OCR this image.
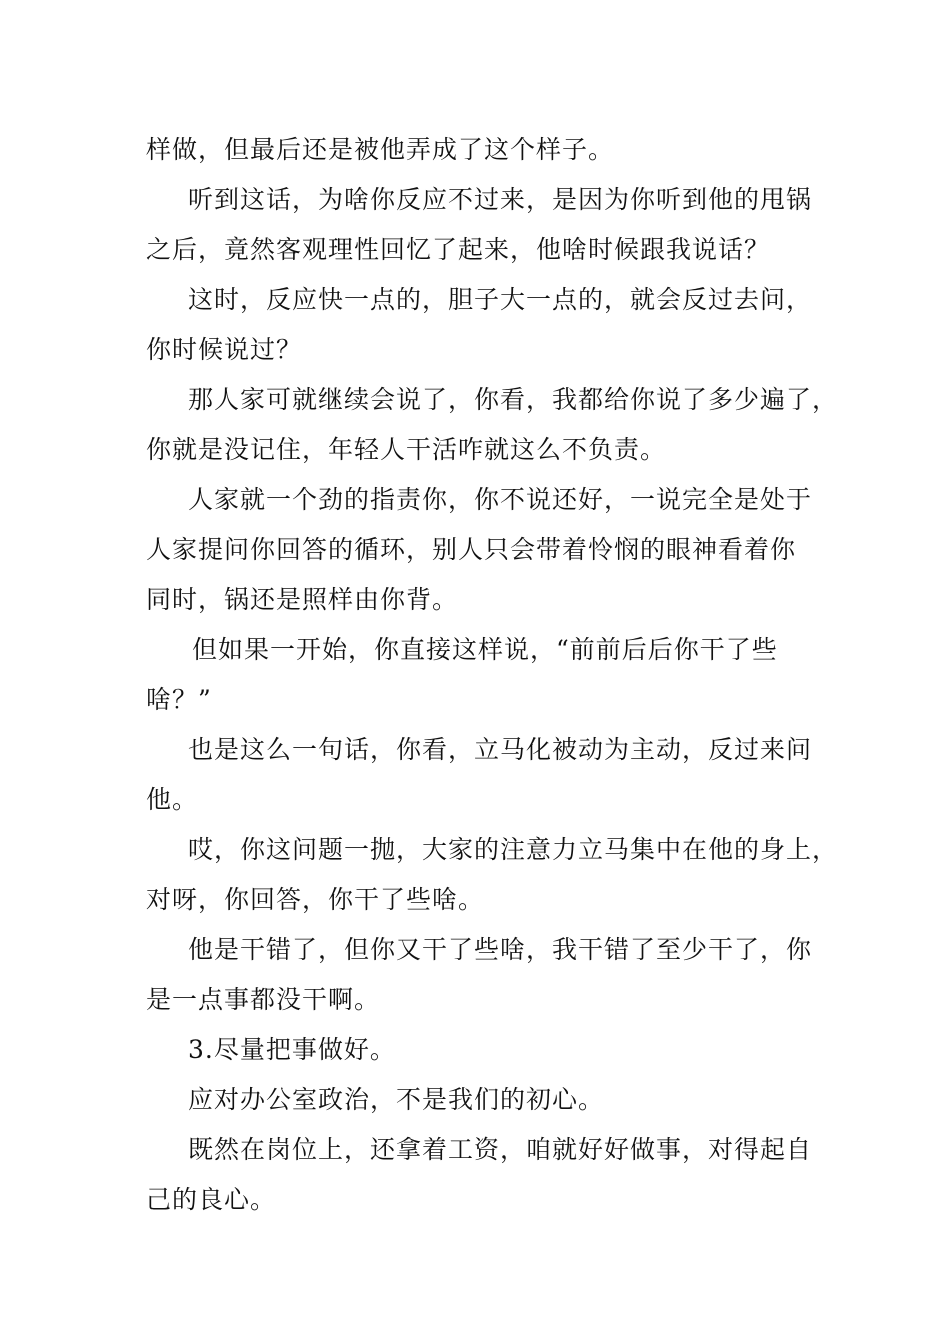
样做，但最后还是被他弄成了这个样子。
听到这话，为啥你反应不过来，是因为你听到他的甩锅
之后，竟然客观理性回忆了起来，他啥时候跟我说话？
这时，反应快一点的，胆子大一点的，就会反过去问，
你时候说过？
那人家可就继续会说了，你看，我都给你说了多少遍了，
你就是没记住，年轻人干活咋就这么不负责。
人家就一个劲的指责你，你不说还好，一说完全是处于
人家提问你回答的循环，别人只会带着怜悯的眼神看着你
同时，锅还是照样由你背。
但如果一开始，你直接这样说，“前前后后你干了些
啥？”
也是这么一句话，你看，立马化被动为主动，反过来问
他。
哎，你这问题一抛，大家的注意力立马集中在他的身上，
对呀，你回答，你干了些啥。
他是干错了，但你又干了些啥，我干错了至少干了，你
是一点事都没干啊。
3.尽量把事做好。
应对办公室政治，不是我们的初心。
既然在岗位上，还拿着工资，咱就好好做事，对得起自
己的良心。
